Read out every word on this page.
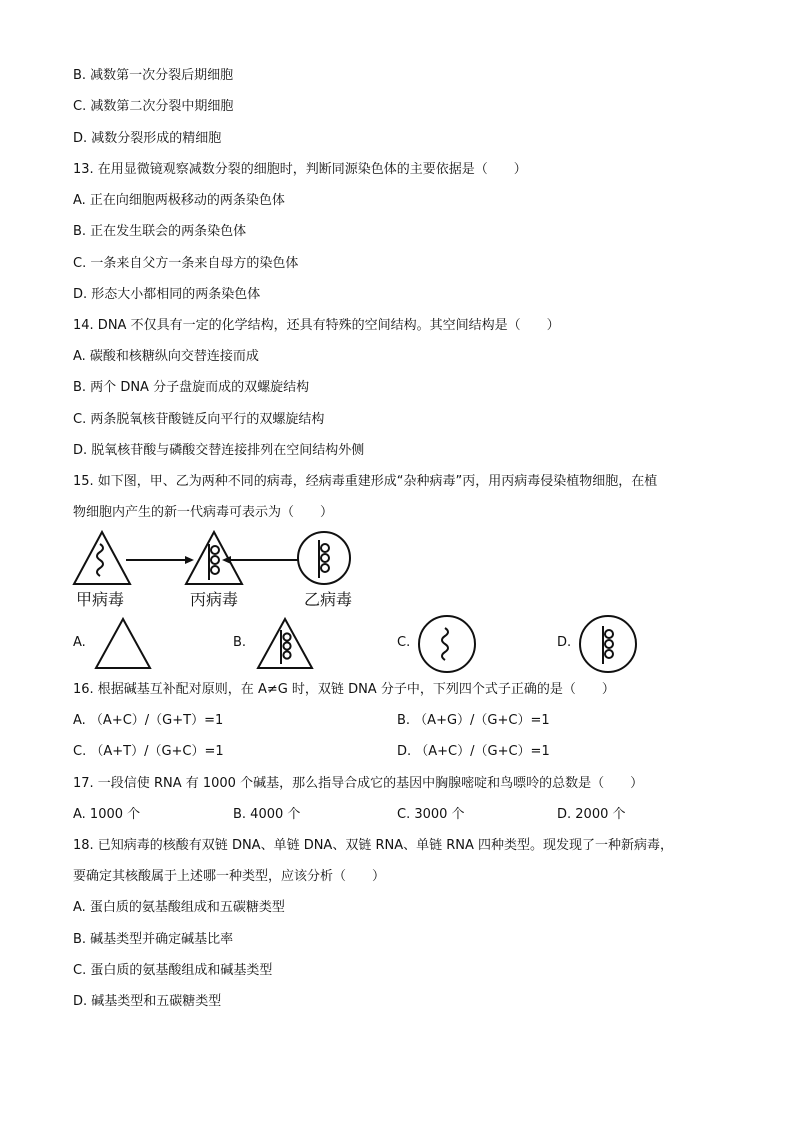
B. 减数第一次分裂后期细胞
C. 减数第二次分裂中期细胞
D. 减数分裂形成的精细胞
13. 在用显微镜观察减数分裂的细胞时，判断同源染色体的主要依据是（　　）
A. 正在向细胞两极移动的两条染色体
B. 正在发生联会的两条染色体
C. 一条来自父方一条来自母方的染色体
D. 形态大小都相同的两条染色体
14. DNA 不仅具有一定的化学结构，还具有特殊的空间结构。其空间结构是（　　）
A. 碳酸和核糖纵向交替连接而成
B. 两个 DNA 分子盘旋而成的双螺旋结构
C. 两条脱氧核苷酸链反向平行的双螺旋结构
D. 脱氧核苷酸与磷酸交替连接排列在空间结构外侧
15. 如下图，甲、乙为两种不同的病毒，经病毒重建形成“杂种病毒”丙，用丙病毒侵染植物细胞，在植
物细胞内产生的新一代病毒可表示为（　　）
甲病毒	丙病毒	乙病毒
A.	B.	C.	D.
16. 根据碱基互补配对原则，在 A≠G 时，双链 DNA 分子中，下列四个式子正确的是（　　）
A. （A+C）/（G+T）=1	B. （A+G）/（G+C）=1
C. （A+T）/（G+C）=1	D. （A+C）/（G+C）=1
17. 一段信使 RNA 有 1000 个碱基，那么指导合成它的基因中胸腺嘧啶和鸟嘌呤的总数是（　　）
A. 1000 个	B. 4000 个	C. 3000 个	D. 2000 个
18. 已知病毒的核酸有双链 DNA、单链 DNA、双链 RNA、单链 RNA 四种类型。现发现了一种新病毒，
要确定其核酸属于上述哪一种类型，应该分析（　　）
A. 蛋白质的氨基酸组成和五碳糖类型
B. 碱基类型并确定碱基比率
C. 蛋白质的氨基酸组成和碱基类型
D. 碱基类型和五碳糖类型
